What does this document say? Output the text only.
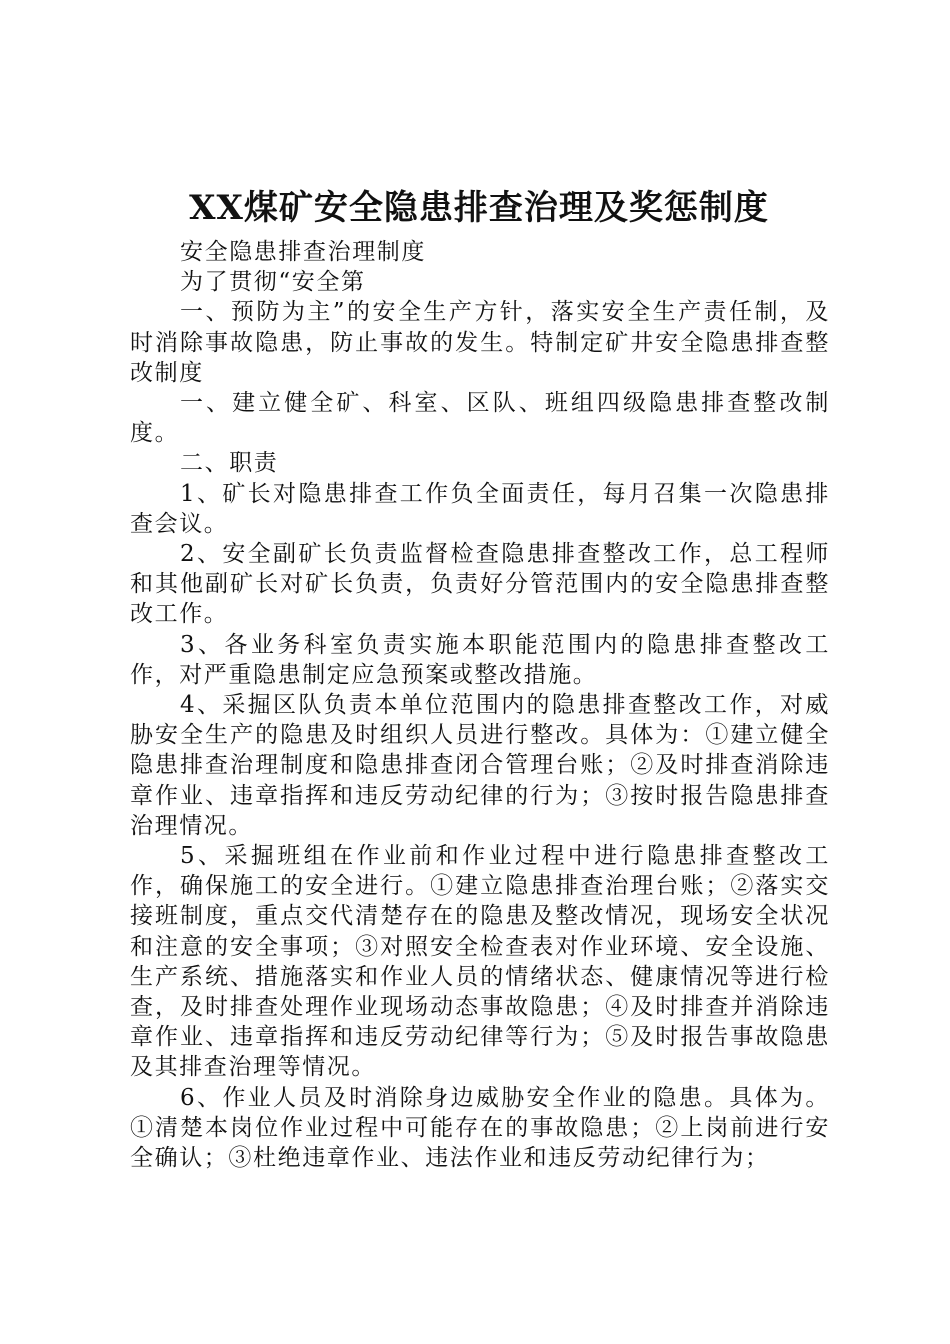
XX煤矿安全隐患排查治理及奖惩制度

安全隐患排查治理制度

为了贯彻“安全第

一、预防为主”的安全生产方针，落实安全生产责任制，及时消除事故隐患，防止事故的发生。特制定矿井安全隐患排查整改制度

一、建立健全矿、科室、区队、班组四级隐患排查整改制度。

二、职责

1、矿长对隐患排查工作负全面责任，每月召集一次隐患排查会议。

2、安全副矿长负责监督检查隐患排查整改工作，总工程师和其他副矿长对矿长负责，负责好分管范围内的安全隐患排查整改工作。

3、各业务科室负责实施本职能范围内的隐患排查整改工作，对严重隐患制定应急预案或整改措施。

4、采掘区队负责本单位范围内的隐患排查整改工作，对威胁安全生产的隐患及时组织人员进行整改。具体为：①建立健全隐患排查治理制度和隐患排查闭合管理台账；②及时排查消除违章作业、违章指挥和违反劳动纪律的行为；③按时报告隐患排查治理情况。

5、采掘班组在作业前和作业过程中进行隐患排查整改工作，确保施工的安全进行。①建立隐患排查治理台账；②落实交接班制度，重点交代清楚存在的隐患及整改情况，现场安全状况和注意的安全事项；③对照安全检查表对作业环境、安全设施、生产系统、措施落实和作业人员的情绪状态、健康情况等进行检查，及时排查处理作业现场动态事故隐患；④及时排查并消除违章作业、违章指挥和违反劳动纪律等行为；⑤及时报告事故隐患及其排查治理等情况。

6、作业人员及时消除身边威胁安全作业的隐患。具体为。①清楚本岗位作业过程中可能存在的事故隐患；②上岗前进行安全确认；③杜绝违章作业、违法作业和违反劳动纪律行为；
